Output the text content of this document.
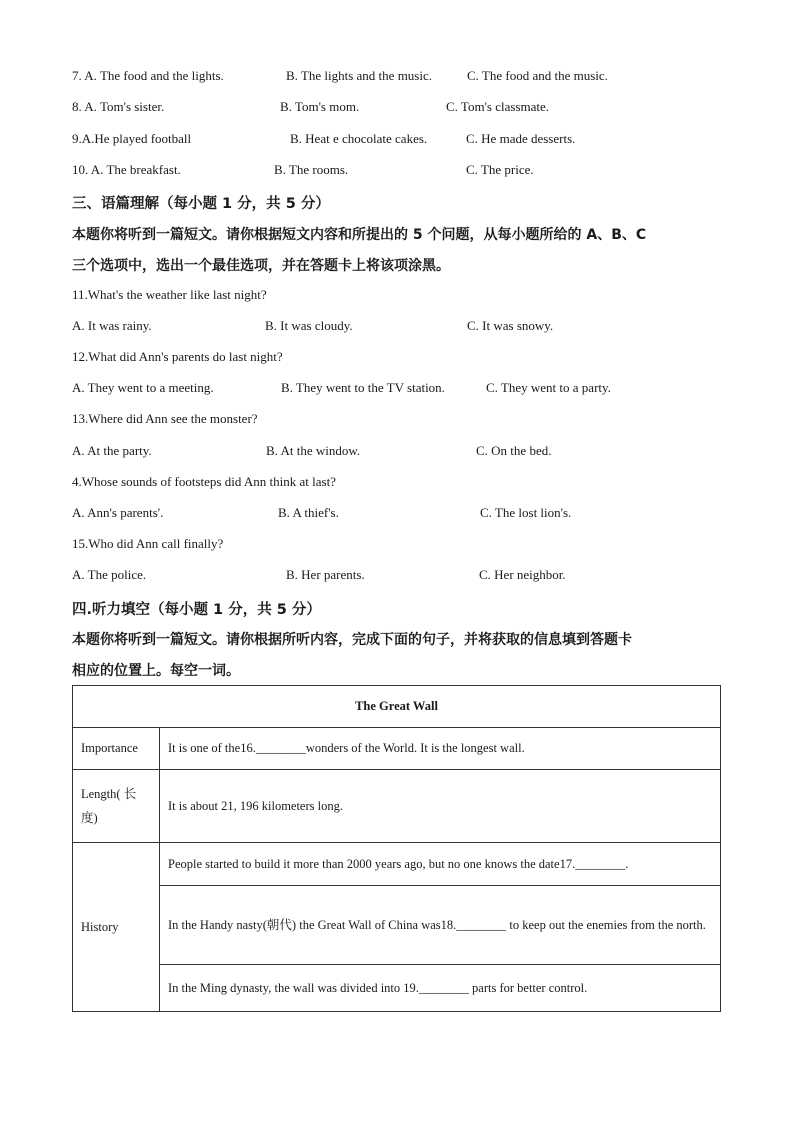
7. A. The food and the lights.	B. The lights and the music.	C. The food and the music.
8. A. Tom's sister.	B. Tom's mom.	C. Tom's classmate.
9.A.He played football	B. Heat e chocolate cakes.	C. He made desserts.
10. A. The breakfast.	B. The rooms.	C. The price.
三、语篇理解（每小题 1 分，共 5 分）
本题你将听到一篇短文。请你根据短文内容和所提出的 5 个问题，从每小题所给的 A、B、C
三个选项中，选出一个最佳选项，并在答题卡上将该项涂黑。
11.What's the weather like last night?
A. It was rainy.	B. It was cloudy.	C. It was snowy.
12.What did Ann's parents do last night?
A. They went to a meeting.	B. They went to the TV station.	C. They went to a party.
13.Where did Ann see the monster?
A. At the party.	B. At the window.	C. On the bed.
4.Whose sounds of footsteps did Ann think at last?
A. Ann's parents'.	B. A thief's.	C. The lost lion's.
15.Who did Ann call finally?
A. The police.	B. Her parents.	C. Her neighbor.
四.听力填空（每小题 1 分，共 5 分）
本题你将听到一篇短文。请你根据所听内容，完成下面的句子，并将获取的信息填到答题卡
相应的位置上。每空一词。
The Great Wall	
Importance	It is one of the16.________wonders of the World. It is the longest wall.
Length( 长度)	It is about 21, 196 kilometers long.
History	People started to build it more than 2000 years ago, but no one knows the date17.________.
	In the Handy nasty(朝代) the Great Wall of China was18.________ to keep out the enemies from the north.
	In the Ming dynasty, the wall was divided into 19.________ parts for better control.
